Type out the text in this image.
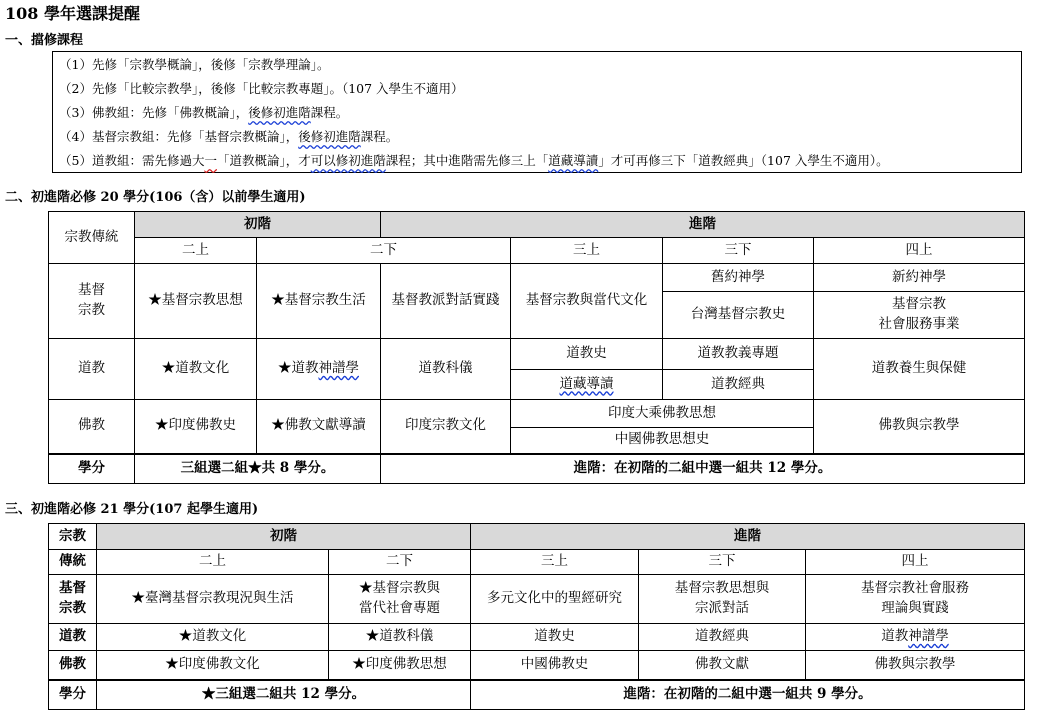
108 學年選課提醒
一、擋修課程
（1）先修「宗教學概論」，後修「宗教學理論」。
（2）先修「比較宗教學」，後修「比較宗教專題」。（107 入學生不適用）
（3）佛教組：先修「佛教概論」，後修初進階課程。
（4）基督宗教組：先修「基督宗教概論」，後修初進階課程。
（5）道教組：需先修過大一「道教概論」，才可以修初進階課程；其中進階需先修三上「道藏導讀」才可再修三下「道教經典」（107 入學生不適用）。
二、初進階必修 20 學分(106（含）以前學生適用)
宗教傳統	初階		進階			
	二上	二下		三上	三下	四上
基督
宗教	★基督宗教思想	★基督宗教生活	基督教派對話實踐	基督宗教與當代文化	舊約神學	新約神學
					台灣基督宗教史	基督宗教
社會服務事業
道教	★道教文化	★道教神譜學	道教科儀	道教史	道教教義專題	道教養生與保健
				道藏導讀	道教經典	
佛教	★印度佛教史	★佛教文獻導讀	印度宗教文化	印度大乘佛教思想		佛教與宗教學
				中國佛教思想史		
學分	三組選二組★共 8 學分。		進階：在初階的二組中選一組共 12 學分。			
三、初進階必修 21 學分(107 起學生適用)
宗教	初階		進階		
傳統	二上	二下	三上	三下	四上
基督
宗教	★臺灣基督宗教現況與生活	★基督宗教與
當代社會專題	多元文化中的聖經研究	基督宗教思想與
宗派對話	基督宗教社會服務
理論與實踐
道教	★道教文化	★道教科儀	道教史	道教經典	道教神譜學
佛教	★印度佛教文化	★印度佛教思想	中國佛教史	佛教文獻	佛教與宗教學
學分	★三組選二組共 12 學分。		進階：在初階的二組中選一組共 9 學分。		
